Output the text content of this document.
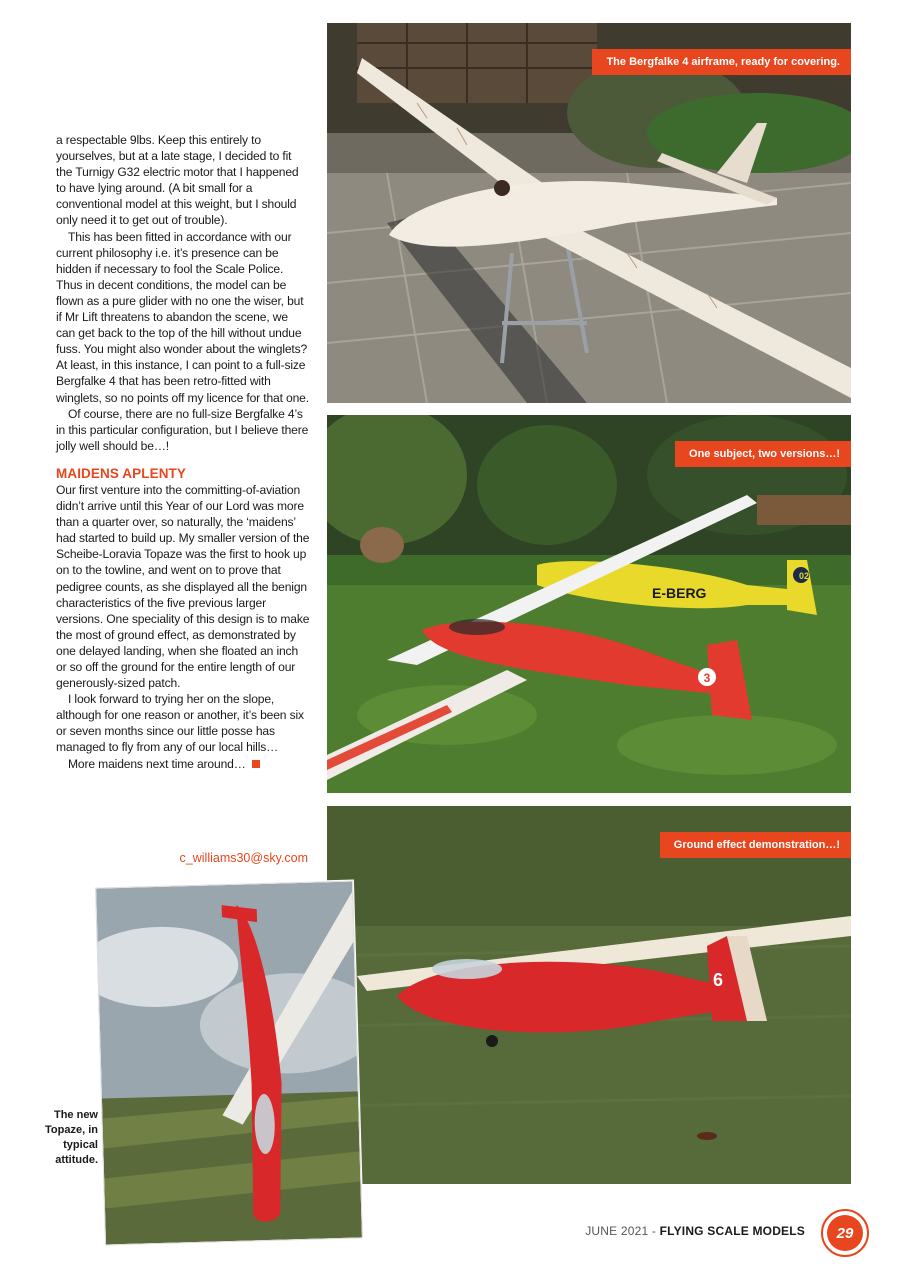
a respectable 9lbs. Keep this entirely to yourselves, but at a late stage, I decided to fit the Turnigy G32 electric motor that I happened to have lying around. (A bit small for a conventional model at this weight, but I should only need it to get out of trouble).

This has been fitted in accordance with our current philosophy i.e. it’s presence can be hidden if necessary to fool the Scale Police. Thus in decent conditions, the model can be flown as a pure glider with no one the wiser, but if Mr Lift threatens to abandon the scene, we can get back to the top of the hill without undue fuss. You might also wonder about the winglets? At least, in this instance, I can point to a full-size Bergfalke 4 that has been retro-fitted with winglets, so no points off my licence for that one.

Of course, there are no full-size Bergfalke 4’s in this particular configuration, but I believe there jolly well should be…!

MAIDENS APLENTY

Our first venture into the committing-of-aviation didn’t arrive until this Year of our Lord was more than a quarter over, so naturally, the ‘maidens’ had started to build up. My smaller version of the Scheibe-Loravia Topaze was the first to hook up on to the towline, and went on to prove that pedigree counts, as she displayed all the benign characteristics of the five previous larger versions. One speciality of this design is to make the most of ground effect, as demonstrated by one delayed landing, when she floated an inch or so off the ground for the entire length of our generously-sized patch.

I look forward to trying her on the slope, although for one reason or another, it’s been six or seven months since our little posse has managed to fly from any of our local hills…

More maidens next time around…

c_williams30@sky.com
The Bergfalke 4 airframe, ready for covering.
02
E-BERG
3
One subject, two versions…!
6
Ground effect demonstration…!
The new Topaze, in typical attitude.
JUNE 2021 - FLYING SCALE MODELS	29
